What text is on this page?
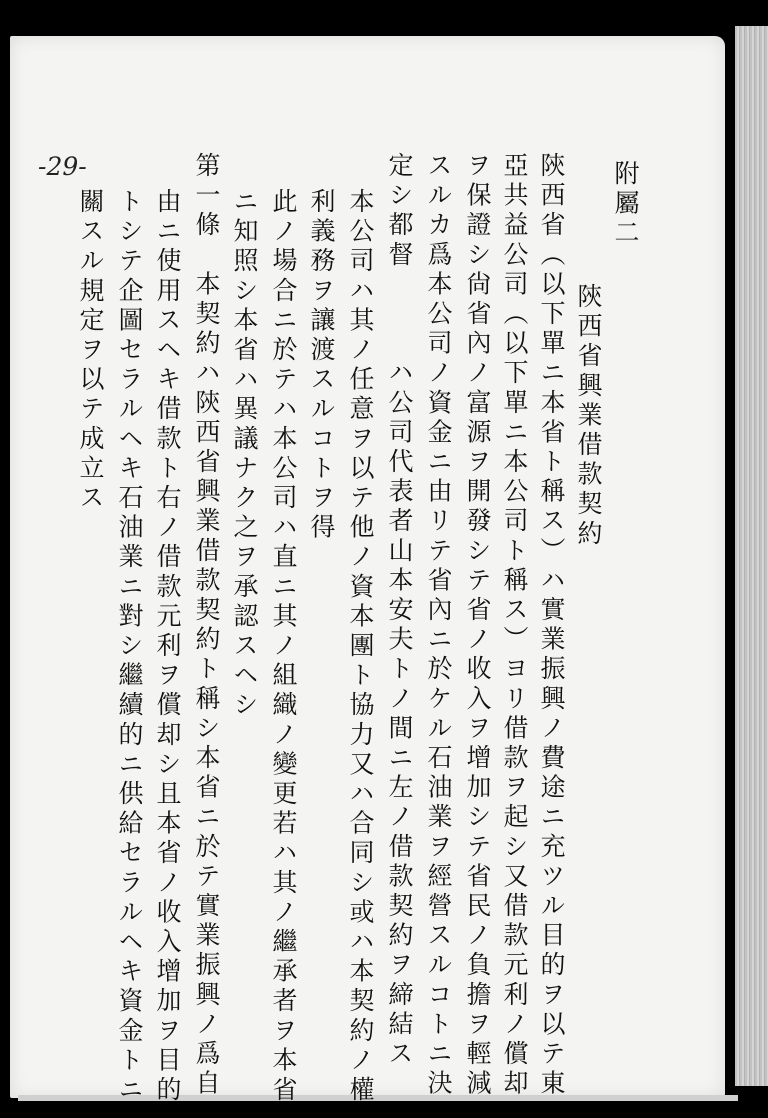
-29-	附屬二

陝西省興業借款契約

陝西省（以下單ニ本省ト稱ス）ハ實業振興ノ費途ニ充ツル目的ヲ以テ東

亞共益公司（以下單ニ本公司ト稱ス）ヨリ借款ヲ起シ又借款元利ノ償却

ヲ保證シ尙省內ノ富源ヲ開發シテ省ノ收入ヲ增加シテ省民ノ負擔ヲ輕減

スルカ爲本公司ノ資金ニ由リテ省內ニ於ケル石油業ヲ經營スルコトニ決

定シ都督　　　ハ公司代表者山本安夫トノ間ニ左ノ借款契約ヲ締結ス

本公司ハ其ノ任意ヲ以テ他ノ資本團ト協力又ハ合同シ或ハ本契約ノ權

利義務ヲ讓渡スルコトヲ得

此ノ場合ニ於テハ本公司ハ直ニ其ノ組織ノ變更若ハ其ノ繼承者ヲ本省

ニ知照シ本省ハ異議ナク之ヲ承認スヘシ

第一條　本契約ハ陝西省興業借款契約ト稱シ本省ニ於テ實業振興ノ爲自

由ニ使用スヘキ借款ト右ノ借款元利ヲ償却シ且本省ノ收入增加ヲ目的

トシテ企圖セラルヘキ石油業ニ對シ繼續的ニ供給セラルヘキ資金トニ

關スル規定ヲ以テ成立ス
